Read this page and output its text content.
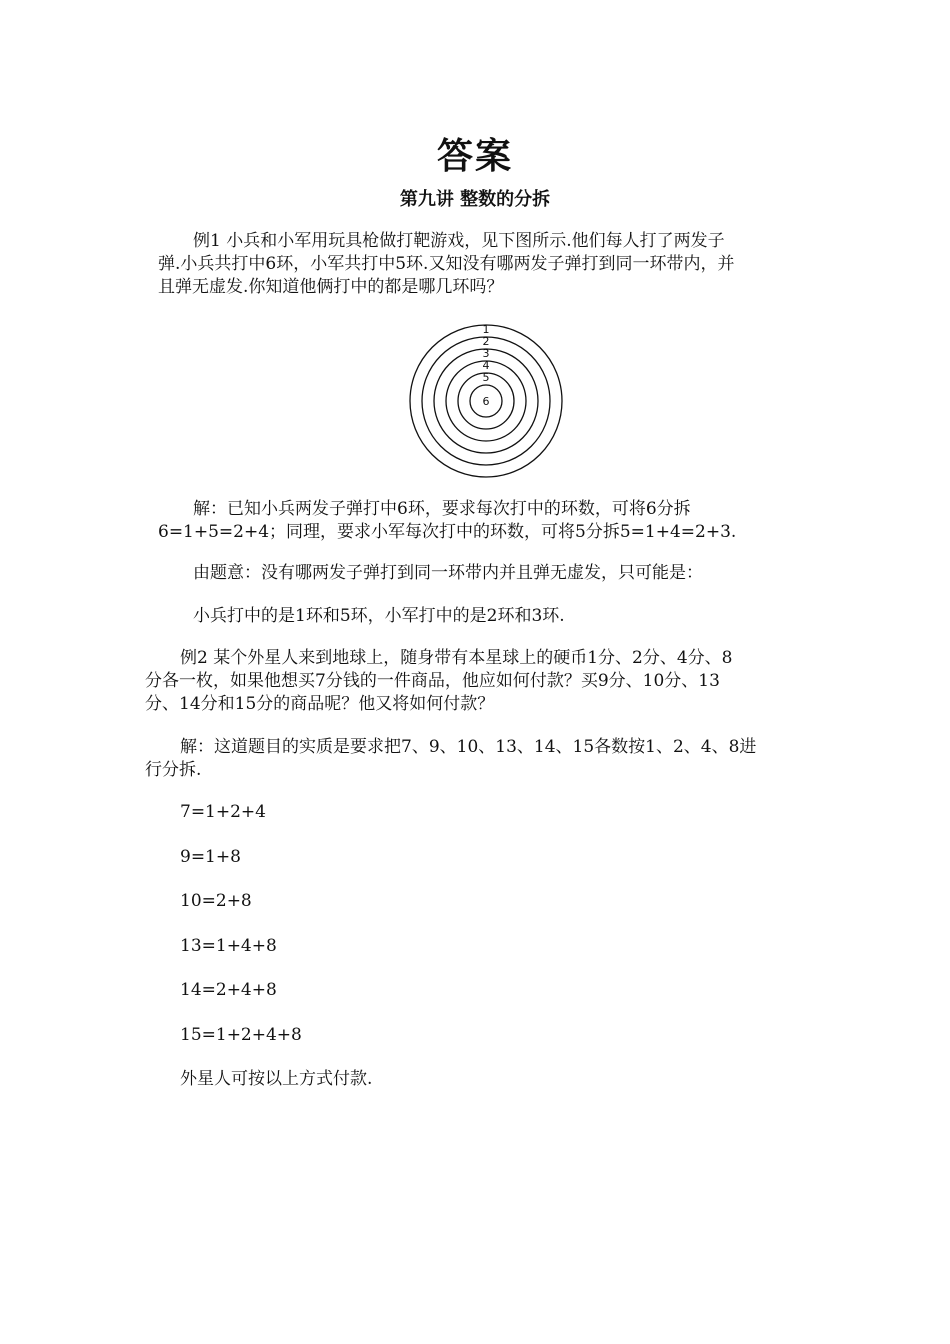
答案
第九讲 整数的分拆
例1 小兵和小军用玩具枪做打靶游戏，见下图所示.他们每人打了两发子
弹.小兵共打中6环，小军共打中5环.又知没有哪两发子弹打到同一环带内，并
且弹无虚发.你知道他俩打中的都是哪几环吗？
1
2
3
4
5
6
解：已知小兵两发子弹打中6环，要求每次打中的环数，可将6分拆
6=1+5=2+4；同理，要求小军每次打中的环数，可将5分拆5=1+4=2+3.
由题意：没有哪两发子弹打到同一环带内并且弹无虚发，只可能是：
小兵打中的是1环和5环，小军打中的是2环和3环.
例2 某个外星人来到地球上，随身带有本星球上的硬币1分、2分、4分、8
分各一枚，如果他想买7分钱的一件商品，他应如何付款？买9分、10分、13
分、14分和15分的商品呢？他又将如何付款？
解：这道题目的实质是要求把7、9、10、13、14、15各数按1、2、4、8进
行分拆.
7=1+2+4
9=1+8
10=2+8
13=1+4+8
14=2+4+8
15=1+2+4+8
外星人可按以上方式付款.
